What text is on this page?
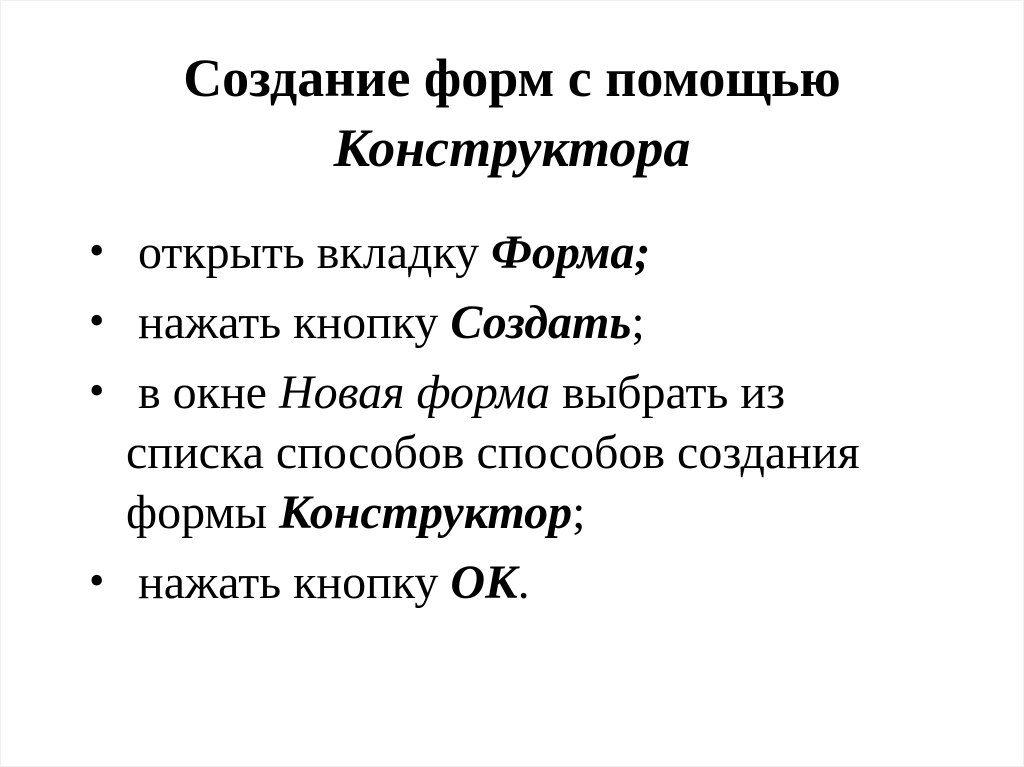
Создание форм с помощью
Конструктора
• открыть вкладку Форма;
• нажать кнопку Создать;
• в окне Новая форма выбрать из списка способов способов создания формы Конструктор;
• нажать кнопку ОК.
